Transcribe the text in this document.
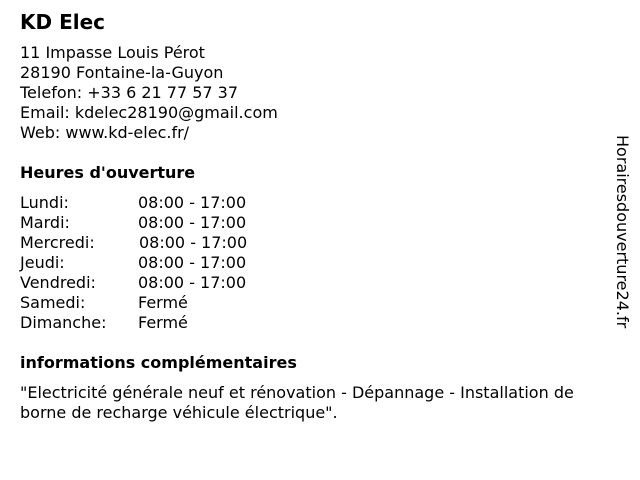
KD Elec
11 Impasse Louis Pérot
28190 Fontaine-la-Guyon
Telefon: +33 6 21 77 57 37
Email: kdelec28190@gmail.com
Web: www.kd-elec.fr/
Heures d'ouverture
Lundi:	08:00 - 17:00
Mardi:	08:00 - 17:00
Mercredi:	08:00 - 17:00
Jeudi:	08:00 - 17:00
Vendredi:	08:00 - 17:00
Samedi:	Fermé
Dimanche: Fermé
informations complémentaires
"Electricité générale neuf et rénovation - Dépannage - Installation de borne de recharge véhicule électrique".
Horairesdouverture24.fr
